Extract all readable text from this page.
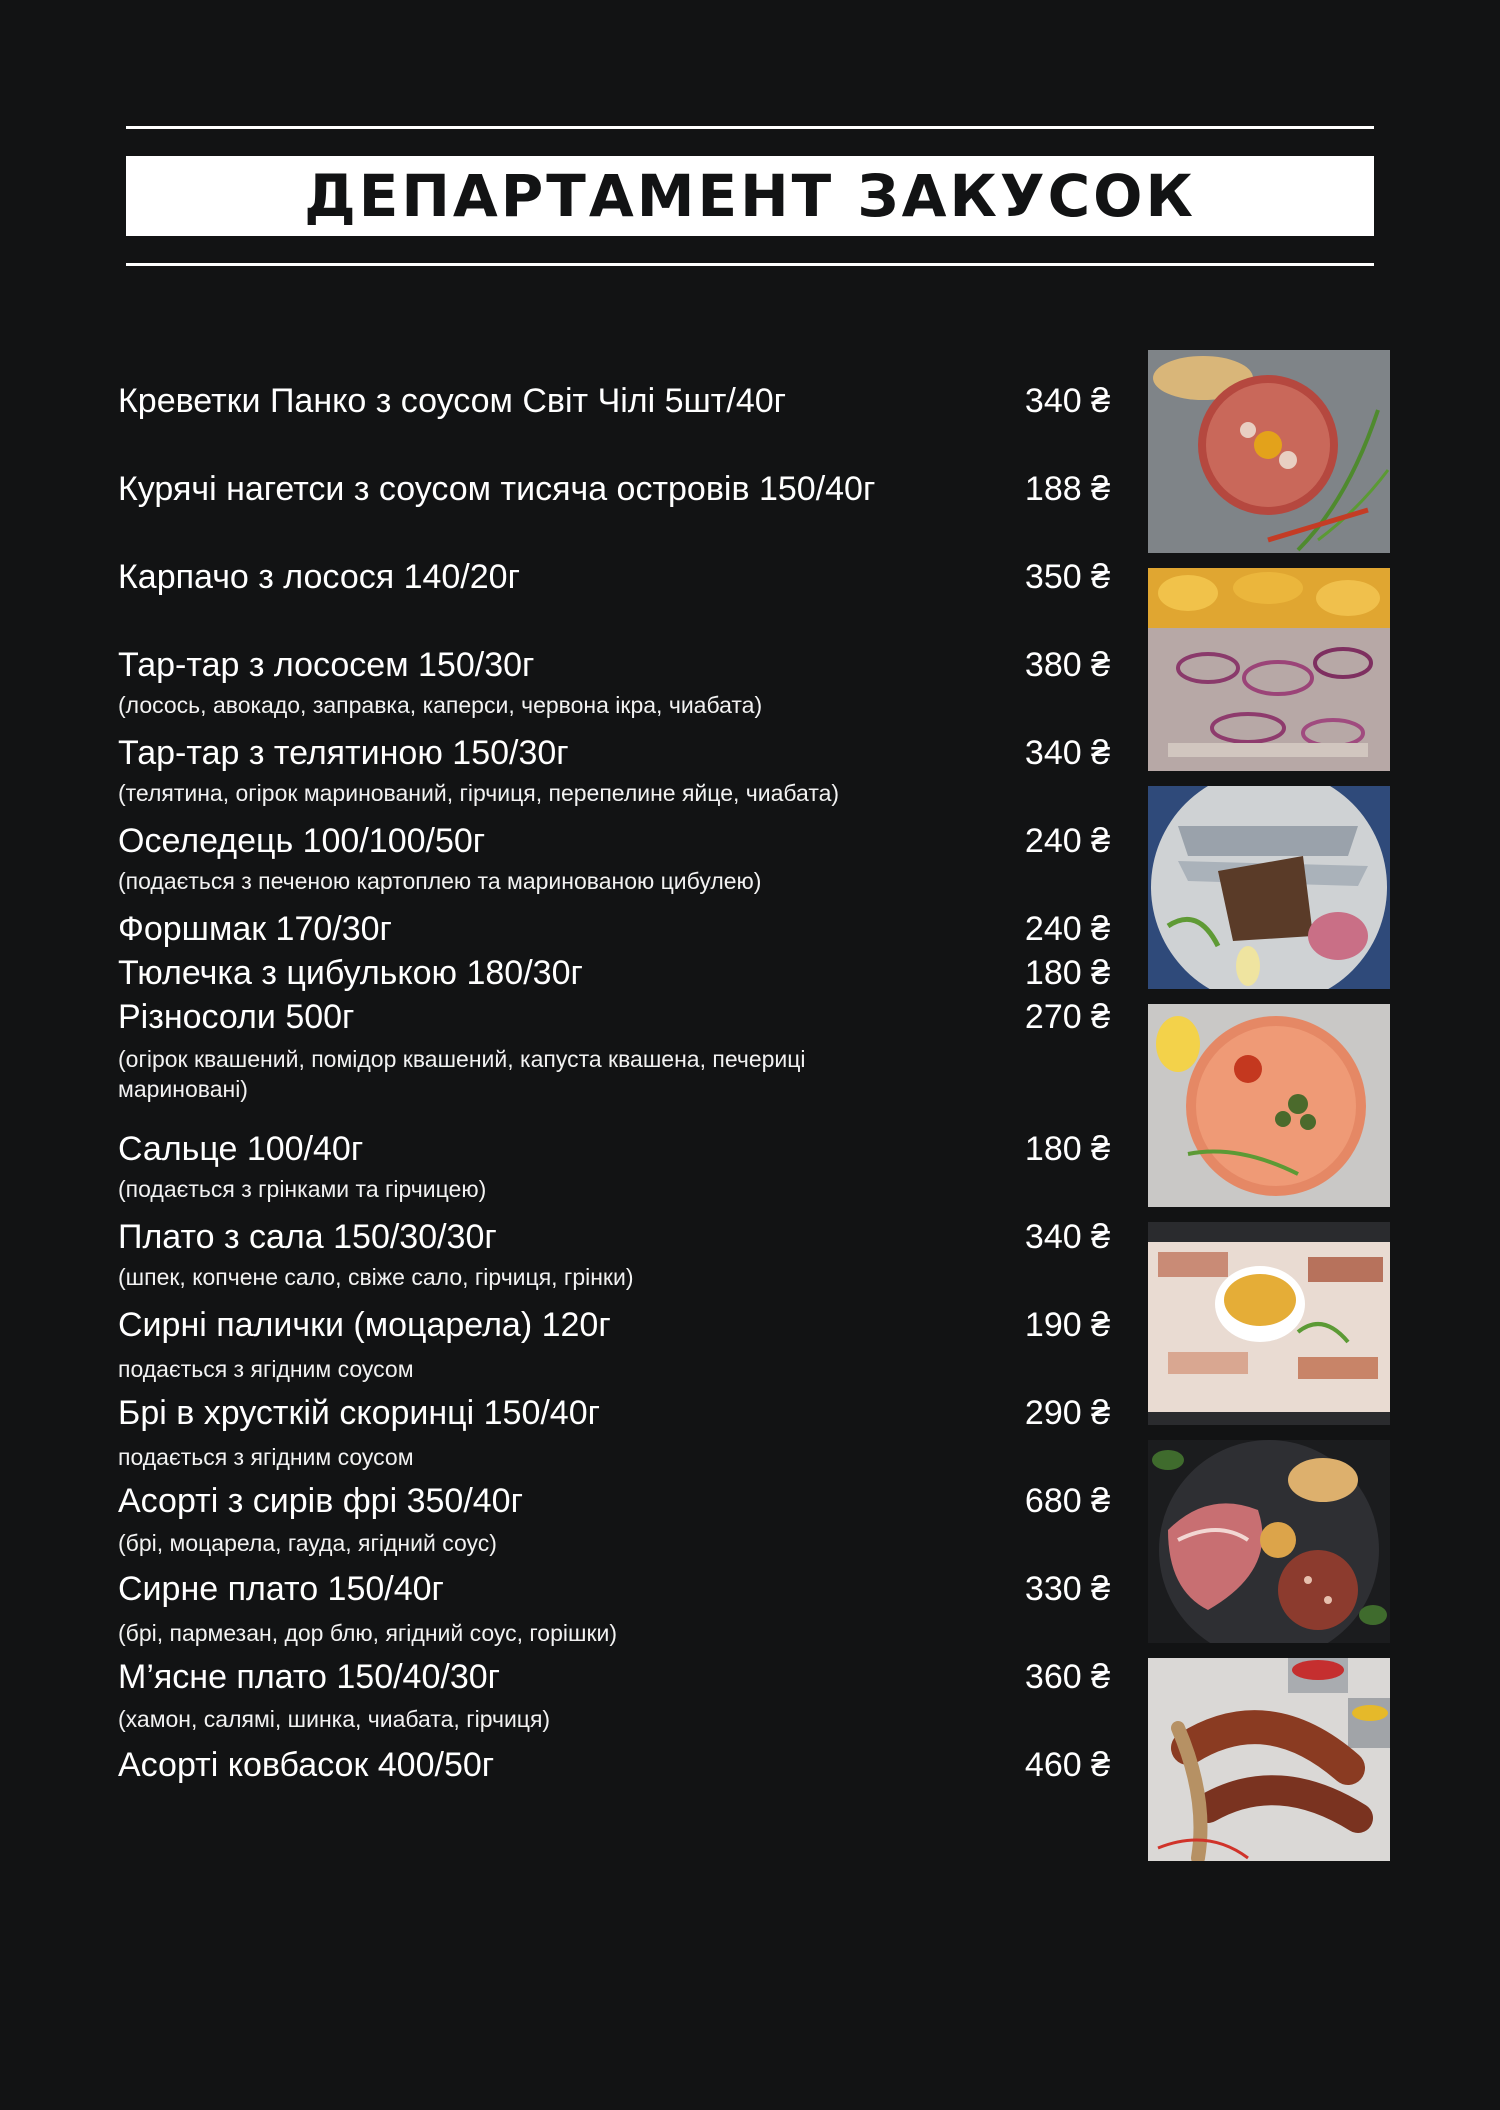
ДЕПАРТАМЕНТ ЗАКУСОК
Креветки Панко з соусом Світ Чілі 5шт/40г	340 ₴
Курячі нагетси з соусом тисяча островів 150/40г	188 ₴
Карпачо з лосося 140/20г	350 ₴
Тар-тар з лососем 150/30г	380 ₴
(лосось, авокадо, заправка, каперси, червона ікра, чиабата)
Тар-тар з телятиною 150/30г	340 ₴
(телятина, огірок маринований, гірчиця, перепелине яйце, чиабата)
Оселедець 100/100/50г	240 ₴
(подається з печеною картоплею та маринованою цибулею)
Форшмак 170/30г	240 ₴
Тюлечка з цибулькою 180/30г	180 ₴
Різносоли 500г	270 ₴
(огірок квашений, помідор квашений, капуста квашена, печериці мариновані)
Сальце 100/40г	180 ₴
(подається з грінками та гірчицею)
Плато з сала 150/30/30г	340 ₴
(шпек, копчене сало, свіже сало, гірчиця, грінки)
Сирні палички (моцарела) 120г	190 ₴
подається з ягідним соусом
Брі в хрусткій скоринці 150/40г	290 ₴
подається з ягідним соусом
Асорті з сирів фрі 350/40г	680 ₴
(брі, моцарела, гауда, ягідний соус)
Сирне плато 150/40г	330 ₴
(брі, пармезан, дор блю, ягідний соус, горішки)
М’ясне плато 150/40/30г	360 ₴
(хамон, салямі, шинка, чиабата, гірчиця)
Асорті ковбасок 400/50г	460 ₴
